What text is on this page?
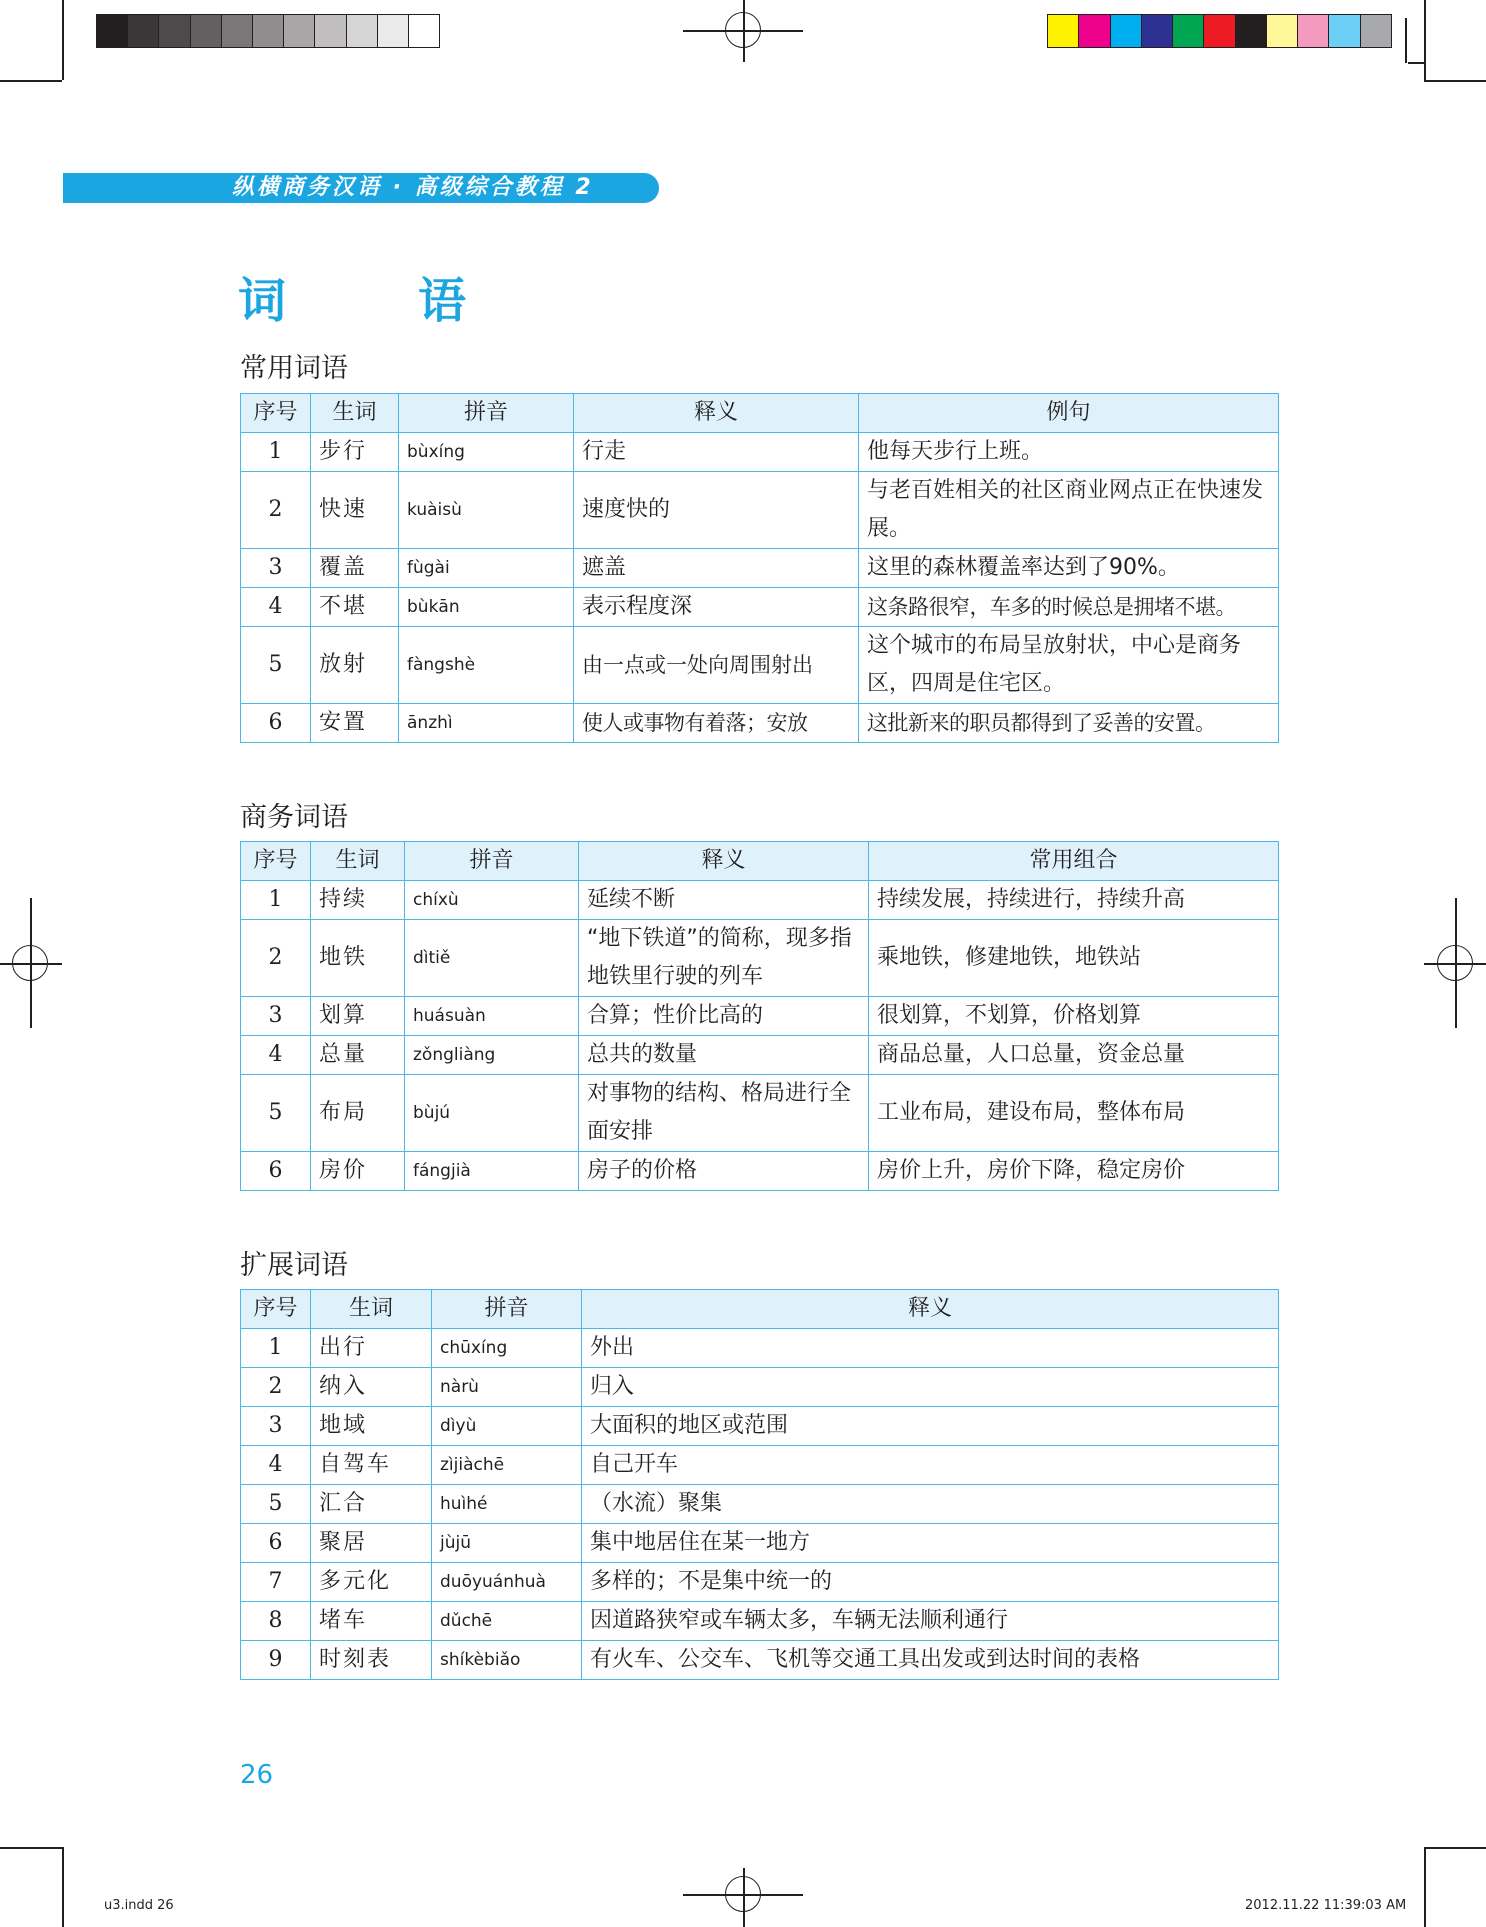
纵横商务汉语 · 高级综合教程 2
词　语
常用词语
序号	生词	拼音	释义	例句
1	步行	bùxíng	行走	他每天步行上班。
2	快速	kuàisù	速度快的	与老百姓相关的社区商业网点正在快速发展。
3	覆盖	fùgài	遮盖	这里的森林覆盖率达到了90%。
4	不堪	bùkān	表示程度深	这条路很窄，车多的时候总是拥堵不堪。
5	放射	fàngshè	由一点或一处向周围射出	这个城市的布局呈放射状，中心是商务区，四周是住宅区。
6	安置	ānzhì	使人或事物有着落；安放	这批新来的职员都得到了妥善的安置。
商务词语
序号	生词	拼音	释义	常用组合
1	持续	chíxù	延续不断	持续发展，持续进行，持续升高
2	地铁	dìtiě	“地下铁道”的简称，现多指地铁里行驶的列车	乘地铁，修建地铁，地铁站
3	划算	huásuàn	合算；性价比高的	很划算，不划算，价格划算
4	总量	zǒngliàng	总共的数量	商品总量，人口总量，资金总量
5	布局	bùjú	对事物的结构、格局进行全面安排	工业布局，建设布局，整体布局
6	房价	fángjià	房子的价格	房价上升，房价下降，稳定房价
扩展词语
序号	生词	拼音	释义
1	出行	chūxíng	外出
2	纳入	nàrù	归入
3	地域	dìyù	大面积的地区或范围
4	自驾车	zìjiàchē	自己开车
5	汇合	huìhé	（水流）聚集
6	聚居	jùjū	集中地居住在某一地方
7	多元化	duōyuánhuà	多样的；不是集中统一的
8	堵车	dǔchē	因道路狭窄或车辆太多，车辆无法顺利通行
9	时刻表	shíkèbiǎo	有火车、公交车、飞机等交通工具出发或到达时间的表格
26
u3.indd 26	2012.11.22 11:39:03 AM
